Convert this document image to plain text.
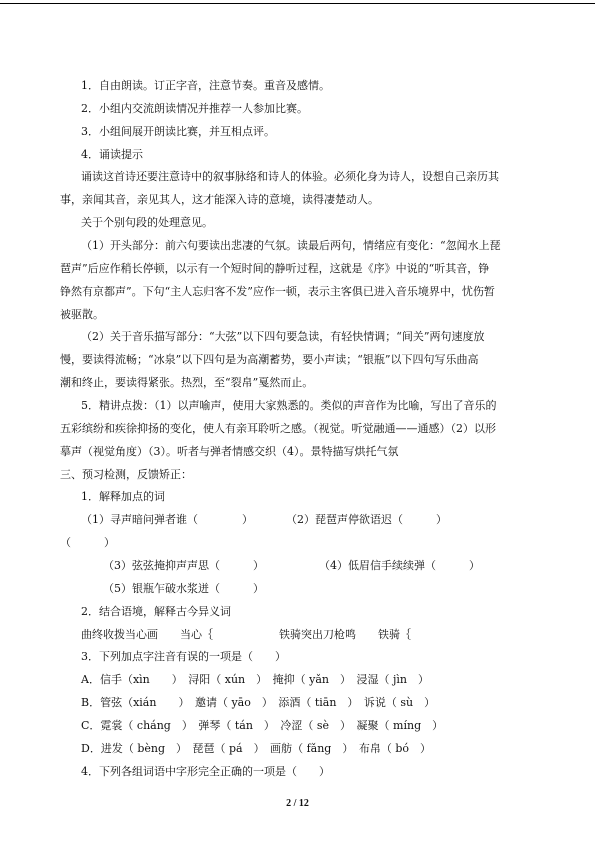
1．自由朗读。订正字音，注意节奏。重音及感情。
2．小组内交流朗读情况并推荐一人参加比赛。
3．小组间展开朗读比赛，并互相点评。
4．诵读提示
诵读这首诗还要注意诗中的叙事脉络和诗人的体验。必须化身为诗人，设想自己亲历其
事，亲闻其音，亲见其人，这才能深入诗的意境，读得凄楚动人。
关于个别句段的处理意见。
（1）开头部分：前六句要读出悲凄的气氛。读最后两句，情绪应有变化：“忽闻水上琵
琶声”后应作稍长停顿，以示有一个短时间的静听过程，这就是《序》中说的“听其音，铮
铮然有京都声”。下句“主人忘归客不发”应作一顿，表示主客俱已进入音乐境界中，忧伤暂
被驱散。
（2）关于音乐描写部分：“大弦”以下四句要急读，有轻快情调；“间关”两句速度放
慢，要读得流畅；“冰泉”以下四句是为高潮蓄势，要小声读；“银瓶”以下四句写乐曲高
潮和终止，要读得紧张。热烈，至“裂帛”戛然而止。
5．精讲点拨：（1）以声喻声，使用大家熟悉的。类似的声音作为比喻，写出了音乐的
五彩缤纷和疾徐抑扬的变化，使人有亲耳聆听之感。（视觉。听觉融通——通感）（2）以形
摹声（视觉角度）（3）。听者与弹者情感交织（4）。景特描写烘托气氛
三、预习检测，反馈矫正：
1．解释加点的词
（1）寻声暗问弹者谁（　　　　）　　　　（2）琵琶声停欲语迟（　　　）
（　　　）
（3）弦弦掩抑声声思（　　　）　　　　　　（4）低眉信手续续弹（　　　）
（5）银瓶乍破水浆迸（　　　）
2．结合语境，解释古今异义词
曲终收拨当心画　　当心｛　　　　　　铁骑突出刀枪鸣　　铁骑｛
3．下列加点字注音有误的一项是（　　）
A．信手（xìn　　）　浔阳（ xún　）　掩抑（ yǎn　）　浸湿（ jìn　）
B．管弦（xián　　）　邀请（ yāo　）　添酒（ tiān　）　诉说（ sù　）
C．霓裳（ cháng　）　弹琴（ tán　）　冷涩（ sè　）　凝聚（ míng　）
D．进发（ bèng　）　琵琶（ pá　）　画舫（ fǎng　）　布帛（ bó　）
4．下列各组词语中字形完全正确的一项是（　　）
2 / 12
